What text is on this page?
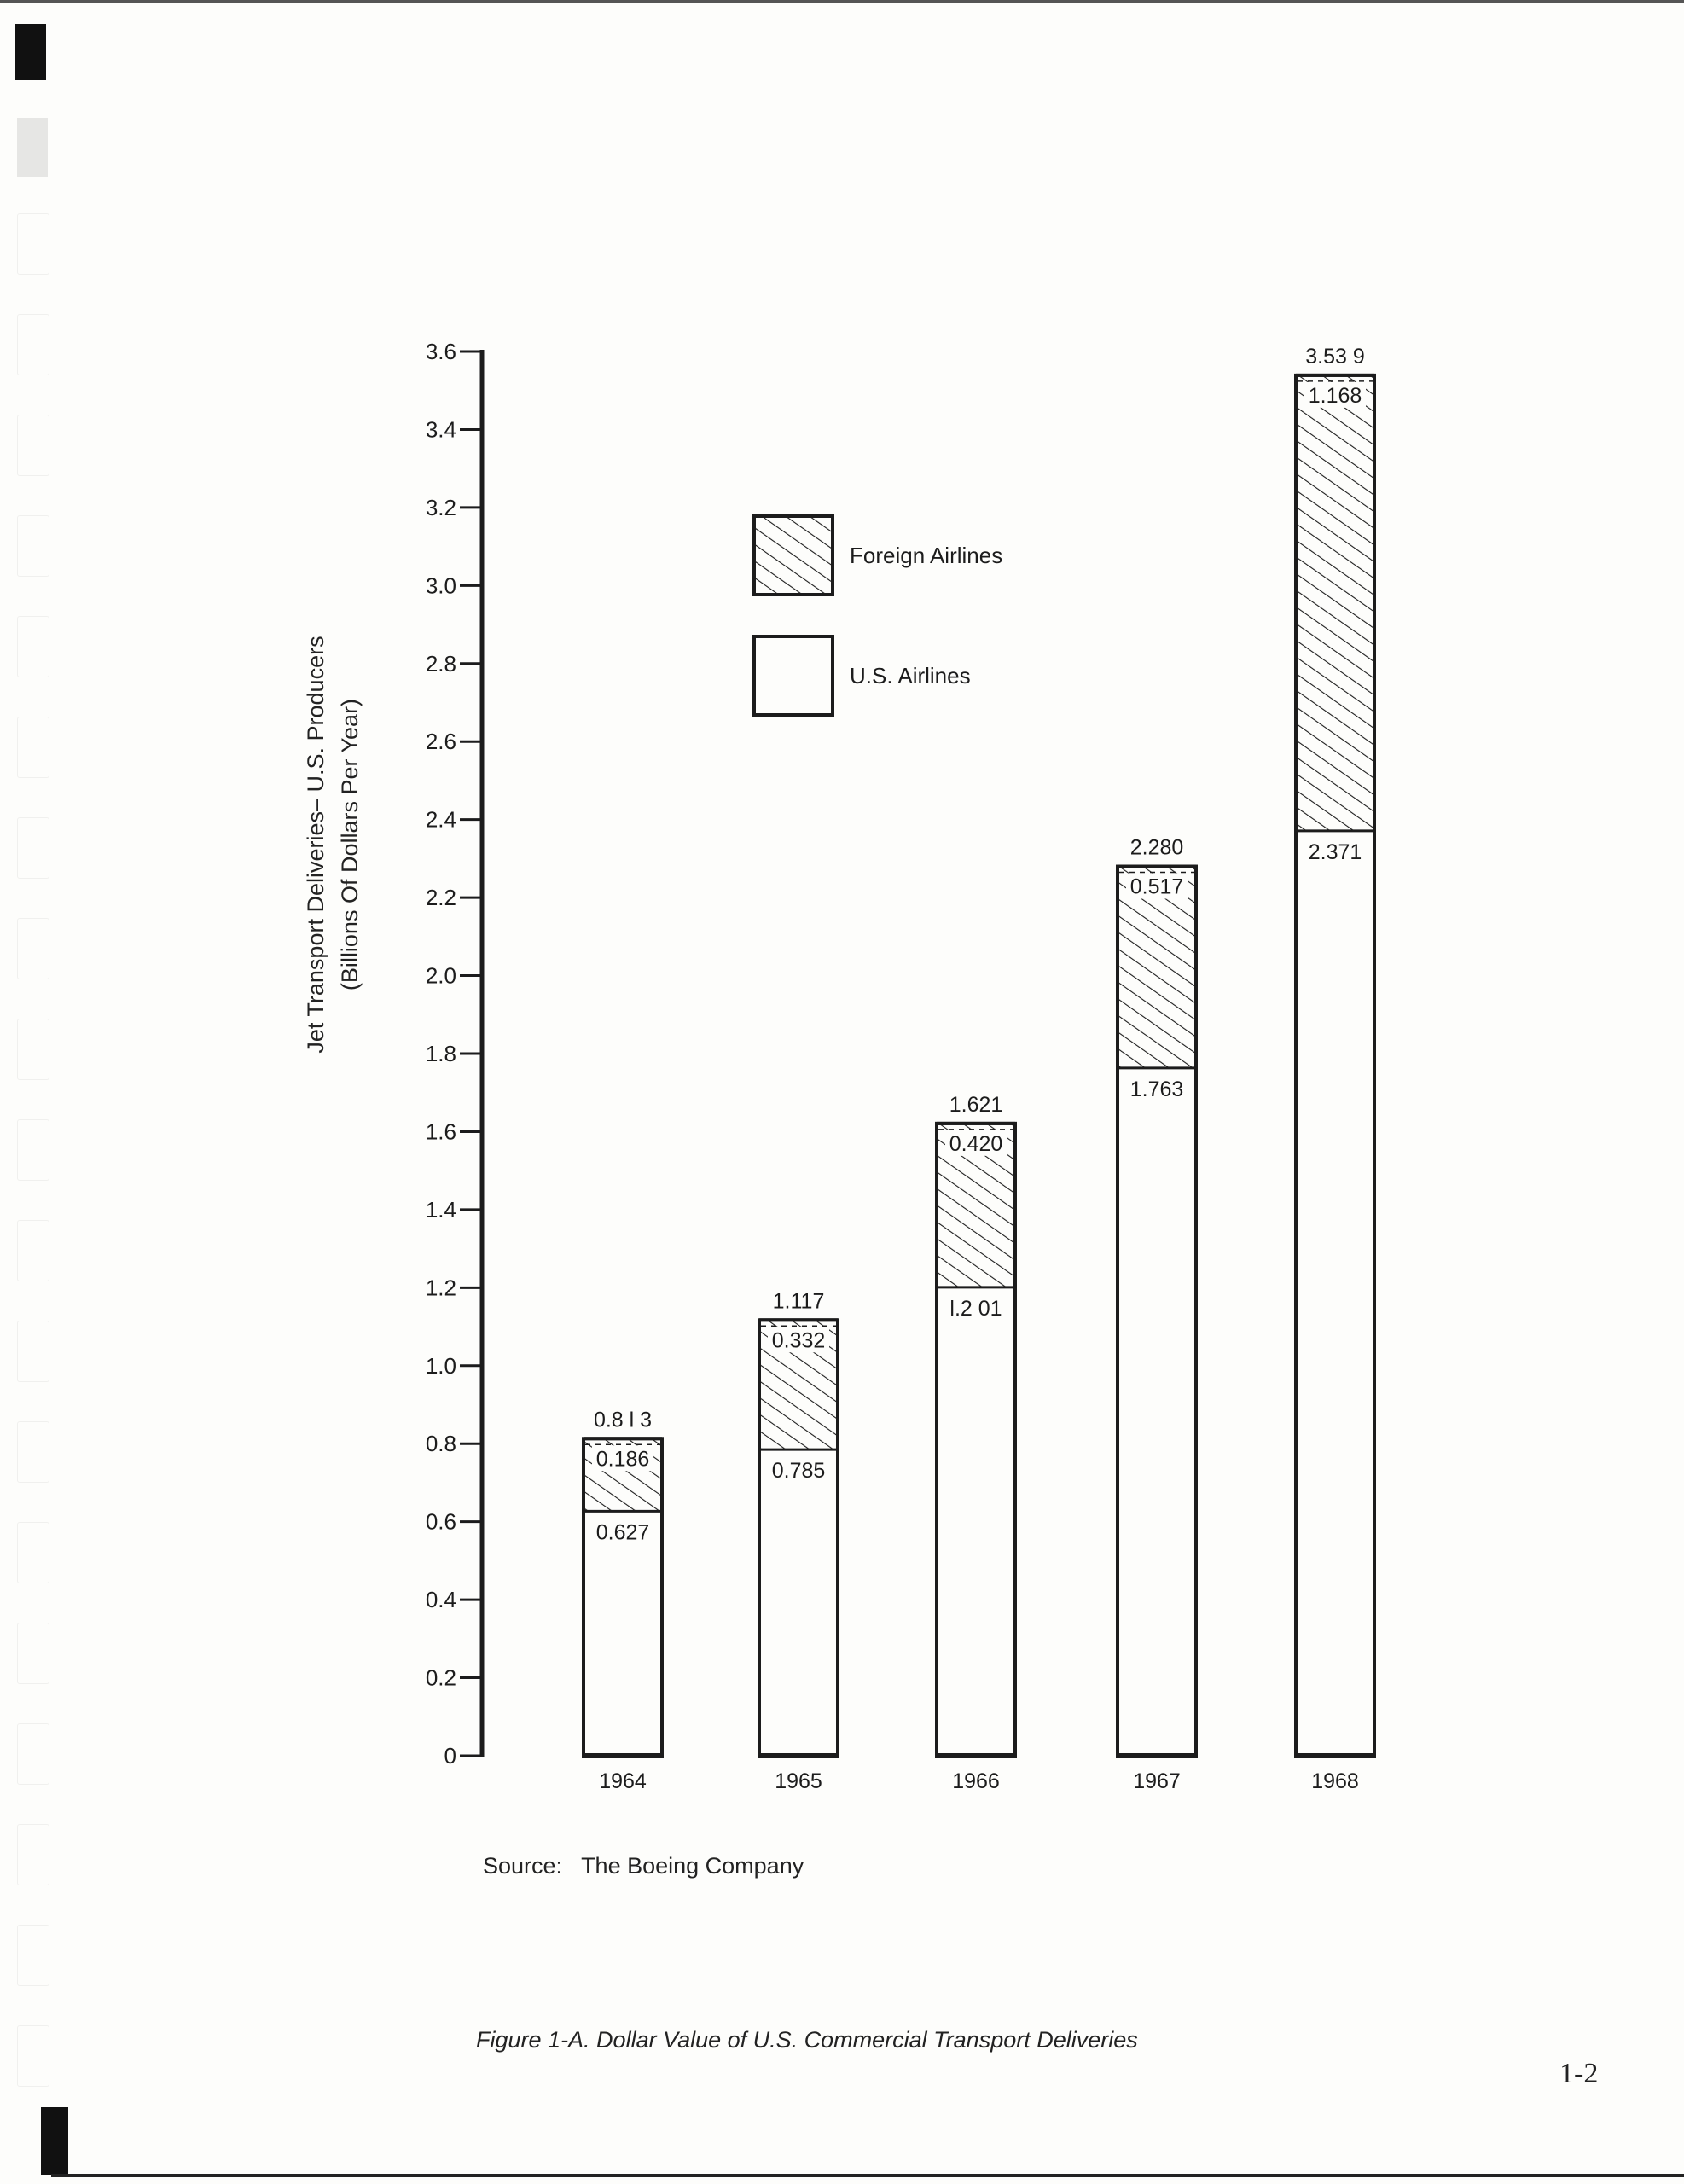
0
0.2
0.4
0.6
0.8
1.0
1.2
1.4
1.6
1.8
2.0
2.2
2.4
2.6
2.8
3.0
3.2
3.4
3.6
0.186
0.627
0.8 l 3
1964
0.332
0.785
1.117
1965
0.420
l.2 01
1.621
1966
0.517
1.763
2.280
1967
1.168
2.371
3.53 9
1968
Foreign Airlines
U.S. Airlines
Jet Transport Deliveries– U.S. Producers (Billions Of Dollars Per Year)
Source: The Boeing Company
Figure 1-A. Dollar Value of U.S. Commercial Transport Deliveries
1-2
